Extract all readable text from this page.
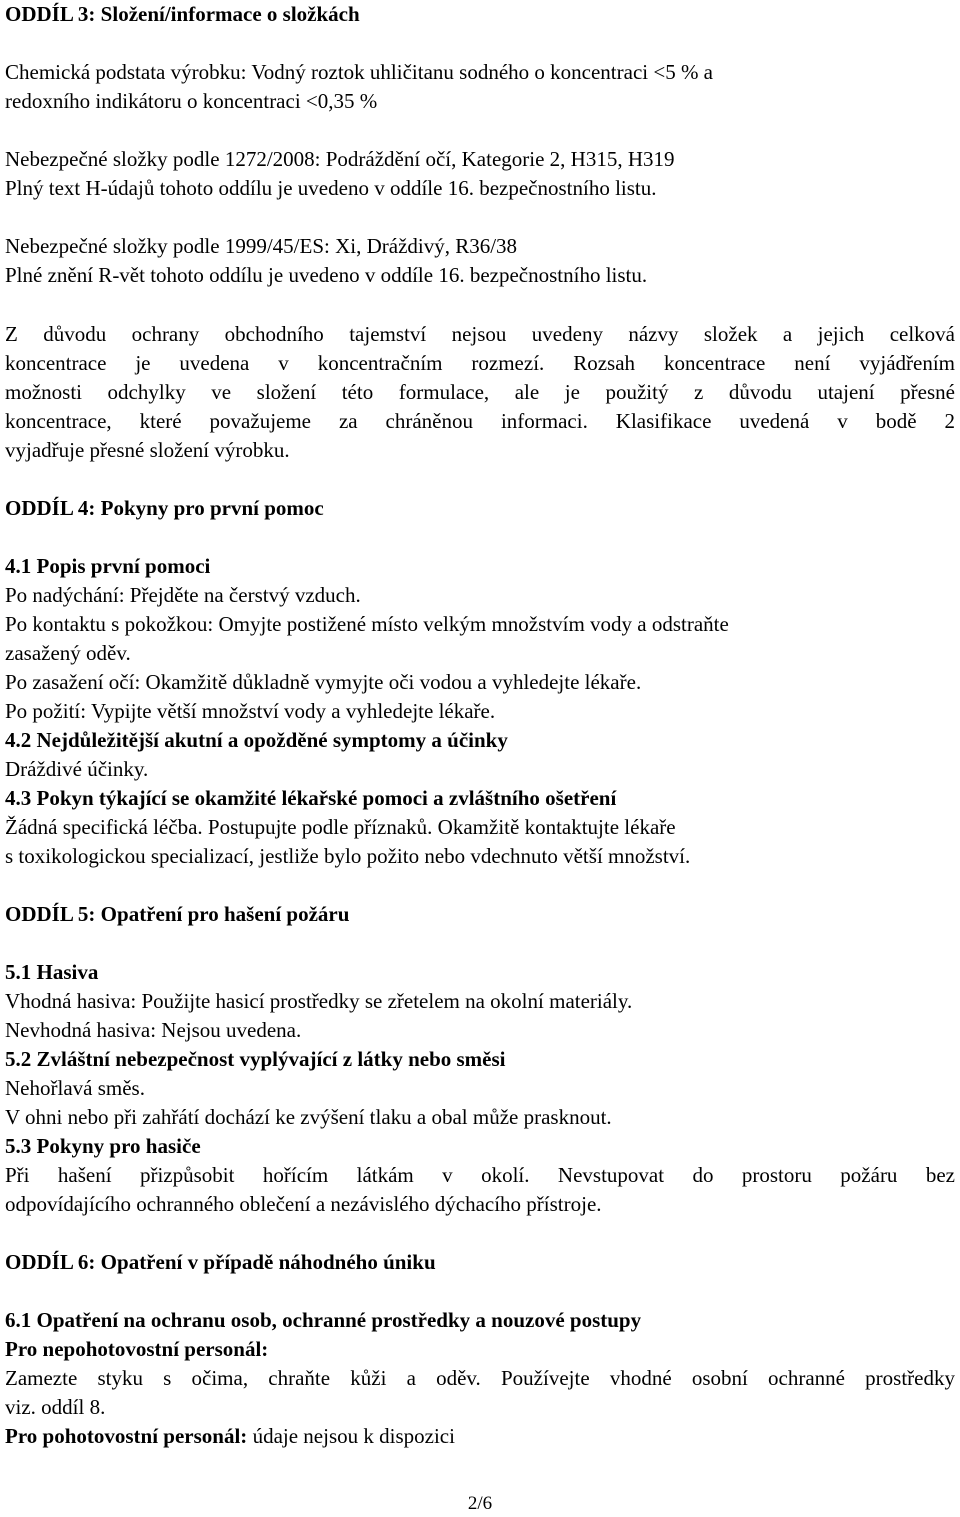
ODDÍL 3: Složení/informace o složkách
Chemická podstata výrobku: Vodný roztok uhličitanu sodného o koncentraci <5 % a
redoxního indikátoru o koncentraci <0,35 %
Nebezpečné složky podle 1272/2008: Podráždění očí, Kategorie 2, H315, H319
Plný text H-údajů tohoto oddílu je uvedeno v oddíle 16. bezpečnostního listu.
Nebezpečné složky podle 1999/45/ES: Xi, Dráždivý, R36/38
Plné znění R-vět tohoto oddílu je uvedeno v oddíle 16. bezpečnostního listu.
Z důvodu ochrany obchodního tajemství nejsou uvedeny názvy složek a jejich celková
koncentrace je uvedena v koncentračním rozmezí. Rozsah koncentrace není vyjádřením
možnosti odchylky ve složení této formulace, ale je použitý z důvodu utajení přesné
koncentrace, které považujeme za chráněnou informaci. Klasifikace uvedená v bodě 2
vyjadřuje přesné složení výrobku.
ODDÍL 4: Pokyny pro první pomoc
4.1 Popis první pomoci
Po nadýchání: Přejděte na čerstvý vzduch.
Po kontaktu s pokožkou: Omyjte postižené místo velkým množstvím vody a odstraňte
zasažený oděv.
Po zasažení očí: Okamžitě důkladně vymyjte oči vodou a vyhledejte lékaře.
Po požití: Vypijte větší množství vody a vyhledejte lékaře.
4.2 Nejdůležitější akutní a opožděné symptomy a účinky
Dráždivé účinky.
4.3 Pokyn týkající se okamžité lékařské pomoci a zvláštního ošetření
Žádná specifická léčba. Postupujte podle příznaků. Okamžitě kontaktujte lékaře
s toxikologickou specializací, jestliže bylo požito nebo vdechnuto větší množství.
ODDÍL 5: Opatření pro hašení požáru
5.1 Hasiva
Vhodná hasiva: Použijte hasicí prostředky se zřetelem na okolní materiály.
Nevhodná hasiva: Nejsou uvedena.
5.2 Zvláštní nebezpečnost vyplývající z látky nebo směsi
Nehořlavá směs.
V ohni nebo při zahřátí dochází ke zvýšení tlaku a obal může prasknout.
5.3 Pokyny pro hasiče
Při hašení přizpůsobit hořícím látkám v okolí. Nevstupovat do prostoru požáru bez
odpovídajícího ochranného oblečení a nezávislého dýchacího přístroje.
ODDÍL 6: Opatření v případě náhodného úniku
6.1 Opatření na ochranu osob, ochranné prostředky a nouzové postupy
Pro nepohotovostní personál:
Zamezte styku s očima, chraňte kůži a oděv. Používejte vhodné osobní ochranné prostředky
viz. oddíl 8.
Pro pohotovostní personál: údaje nejsou k dispozici
2/6
